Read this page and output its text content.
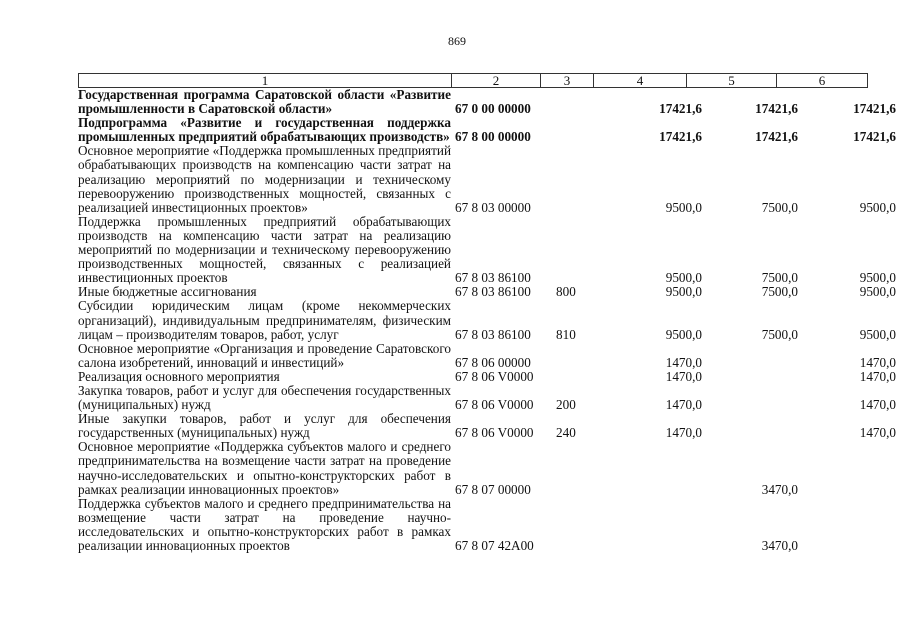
869
1	2	3	4	5	6
Государственная программа Саратовской области «Развитие промышленности в Саратовской области»	67 0 00 00000		17421,6	17421,6	17421,6
Подпрограмма «Развитие и государственная поддержка промышленных предприятий обрабатывающих производств»	67 8 00 00000		17421,6	17421,6	17421,6
Основное мероприятие «Поддержка промышленных предприятий обрабатывающих производств на компенсацию части затрат на реализацию мероприятий по модернизации и техническому перевооружению производственных мощностей, связанных с реализацией инвестиционных проектов»	67 8 03 00000		9500,0	7500,0	9500,0
Поддержка промышленных предприятий обрабатывающих производств на компенсацию части затрат на реализацию мероприятий по модернизации и техническому перевооружению производственных мощностей, связанных с реализацией инвестиционных проектов	67 8 03 86100		9500,0	7500,0	9500,0
Иные бюджетные ассигнования	67 8 03 86100	800	9500,0	7500,0	9500,0
Субсидии юридическим лицам (кроме некоммерческих организаций), индивидуальным предпринимателям, физическим лицам – производителям товаров, работ, услуг	67 8 03 86100	810	9500,0	7500,0	9500,0
Основное мероприятие «Организация и проведение Саратовского салона изобретений, инноваций и инвестиций»	67 8 06 00000		1470,0		1470,0
Реализация основного мероприятия	67 8 06 V0000		1470,0		1470,0
Закупка товаров, работ и услуг для обеспечения государственных (муниципальных) нужд	67 8 06 V0000	200	1470,0		1470,0
Иные закупки товаров, работ и услуг для обеспечения государственных (муниципальных) нужд	67 8 06 V0000	240	1470,0		1470,0
Основное мероприятие «Поддержка субъектов малого и среднего предпринимательства на возмещение части затрат на проведение научно-исследовательских и опытно-конструкторских работ в рамках реализации инновационных проектов»	67 8 07 00000			3470,0	
Поддержка субъектов малого и среднего предпринимательства на возмещение части затрат на проведение научно-исследовательских и опытно-конструкторских работ в рамках реализации инновационных проектов	67 8 07 42A00			3470,0	
